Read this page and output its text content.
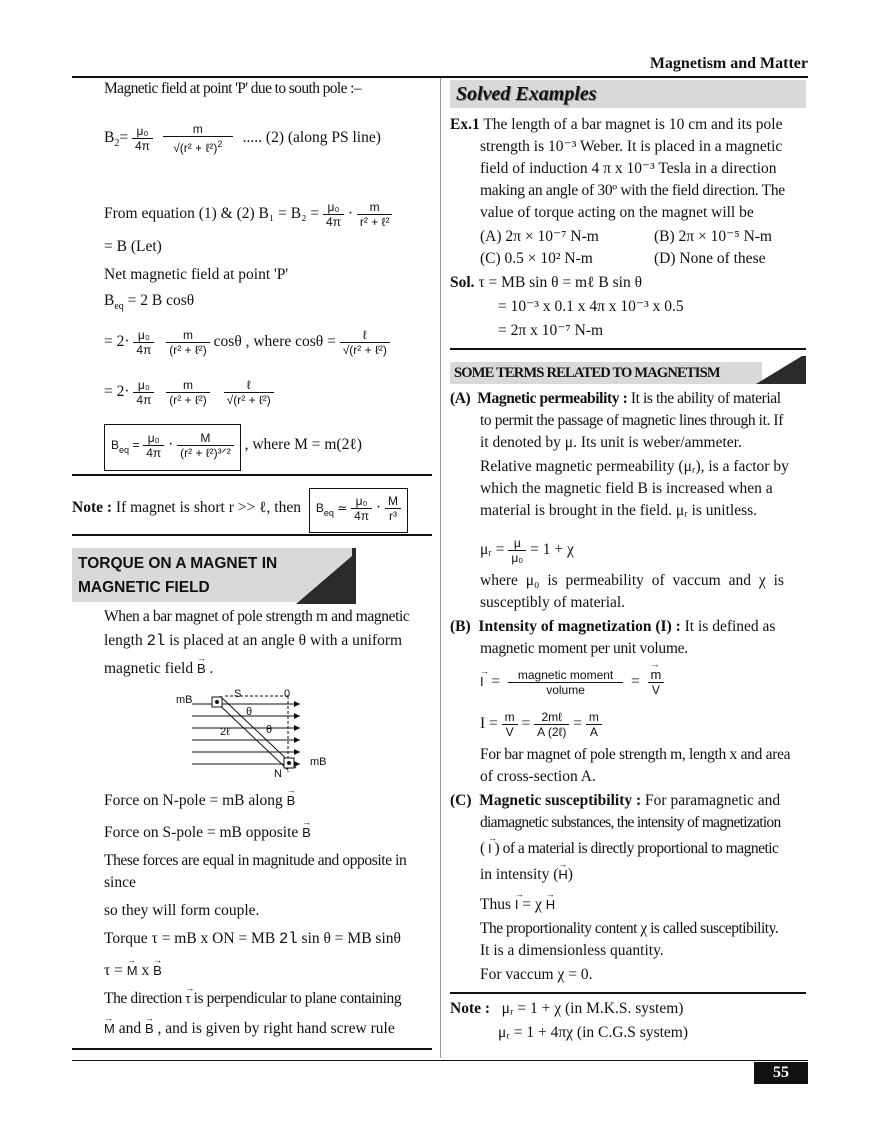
Magnetism and Matter
Magnetic field at point 'P' due to south pole :–
$B_2= \frac{\text{μ₀}}{4\pi}$
$\frac{m}{√(r^2 + \ell^2)^2}$ ..... (2) (along PS line)
From equation (1) & (2) $B_1 = B_2 = \frac{\text{μ₀}}{4\pi} \cdot \frac{m}{\text{r² + ℓ²}}$
= B (Let)
Net magnetic field at point 'P'
$B_{eq} = 2$ B cosθ
= $2\cdot \frac{\text{μ₀}}{4\pi}$
$\frac{m}{\text{(r² + ℓ²)}}$ cosθ , where $\cos\theta = \frac{\text{ℓ}}{\text{√(r² + ℓ²)}}$
= $2\cdot \frac{\text{μ₀}}{4\pi}$
$\frac{m}{\text{(r² + ℓ²)}}$
$\frac{\text{ℓ}}{\text{√(r² + ℓ²)}}$
$B_{eq} = \frac{\text{μ₀}}{4\pi} \cdot \frac{M}{\text{(r² + ℓ²)³ᐟ²}}$ , where M = m(2ℓ)
Note : If magnet is short r >> ℓ, then $B_{eq}$ ≃ $\frac{\text{μ₀}}{4\pi} \cdot \frac{M}{\text{r³}}$
TORQUE ON A MAGNET IN
MAGNETIC FIELD
When a bar magnet of pole strength m and magnetic
length 2l is placed at an angle θ with a uniform
magnetic field → B .
mB	S	0
θ
2ℓ	θ
N
mB
Force on N-pole = mB along → B
Force on S-pole = mB opposite → B
These forces are equal in magnitude and opposite in
since
so they will form couple.
Torque τ = mB x ON = MB 2l sin θ = MB sinθ
τ = → M x → B
The direction → τ is perpendicular to plane containing
→ M and → B , and is given by right hand screw rule
Solved Examples
Ex.1 The length of a bar magnet is 10 cm and its pole
strength is 10⁻³ Weber. It is placed in a magnetic
field of induction 4 π x 10⁻³ Tesla in a direction
making an angle of 30º with the field direction. The
value of torque acting on the magnet will be
(A) 2π × 10⁻⁷ N-m	(B) 2π × 10⁻⁵ N-m
(C) 0.5 × 10² N-m	(D) None of these
Sol. τ = MB sin θ = mℓ B sin θ
= 10⁻³ x 0.1 x 4π x 10⁻³ x 0.5
= 2π x 10⁻⁷ N-m
SOME TERMS RELATED TO MAGNETISM
(A) Magnetic permeability : It is the ability of material
to permit the passage of magnetic lines through it. If
it denoted by μ. Its unit is weber/ammeter.
Relative magnetic permeability (μᵣ), is a factor by
which the magnetic field B is increased when a
material is brought in the field. μᵣ is unitless.
μᵣ = $\frac{\mu}{\text{μ₀}} = 1 + \chi$
where μ₀ is permeability of vaccum and χ is
susceptibly of material.
(B) Intensity of magnetization (I) : It is defined as
magnetic moment per unit volume.
→ $I = \frac{\text{magnetic moment}}{\text{volume}}$ =
→ $\frac{m}{V}$
$I = \frac{m}{V} = \frac{\text{2mℓ}}{\text{A (2ℓ)}} = \frac{m}{A}$
For bar magnet of pole strength m, length x and area
of cross-section A.
(C) Magnetic susceptibility : For paramagnetic and
diamagnetic substances, the intensity of magnetization
( → I ) of a material is directly proportional to magnetic
in intensity (→ H)
Thus → I = χ → H
The proportionality content χ is called susceptibility.
It is a dimensionless quantity.
For vaccum χ = 0.
Note : μᵣ = 1 + χ (in M.K.S. system)
μᵣ = 1 + 4πχ (in C.G.S system)
55
